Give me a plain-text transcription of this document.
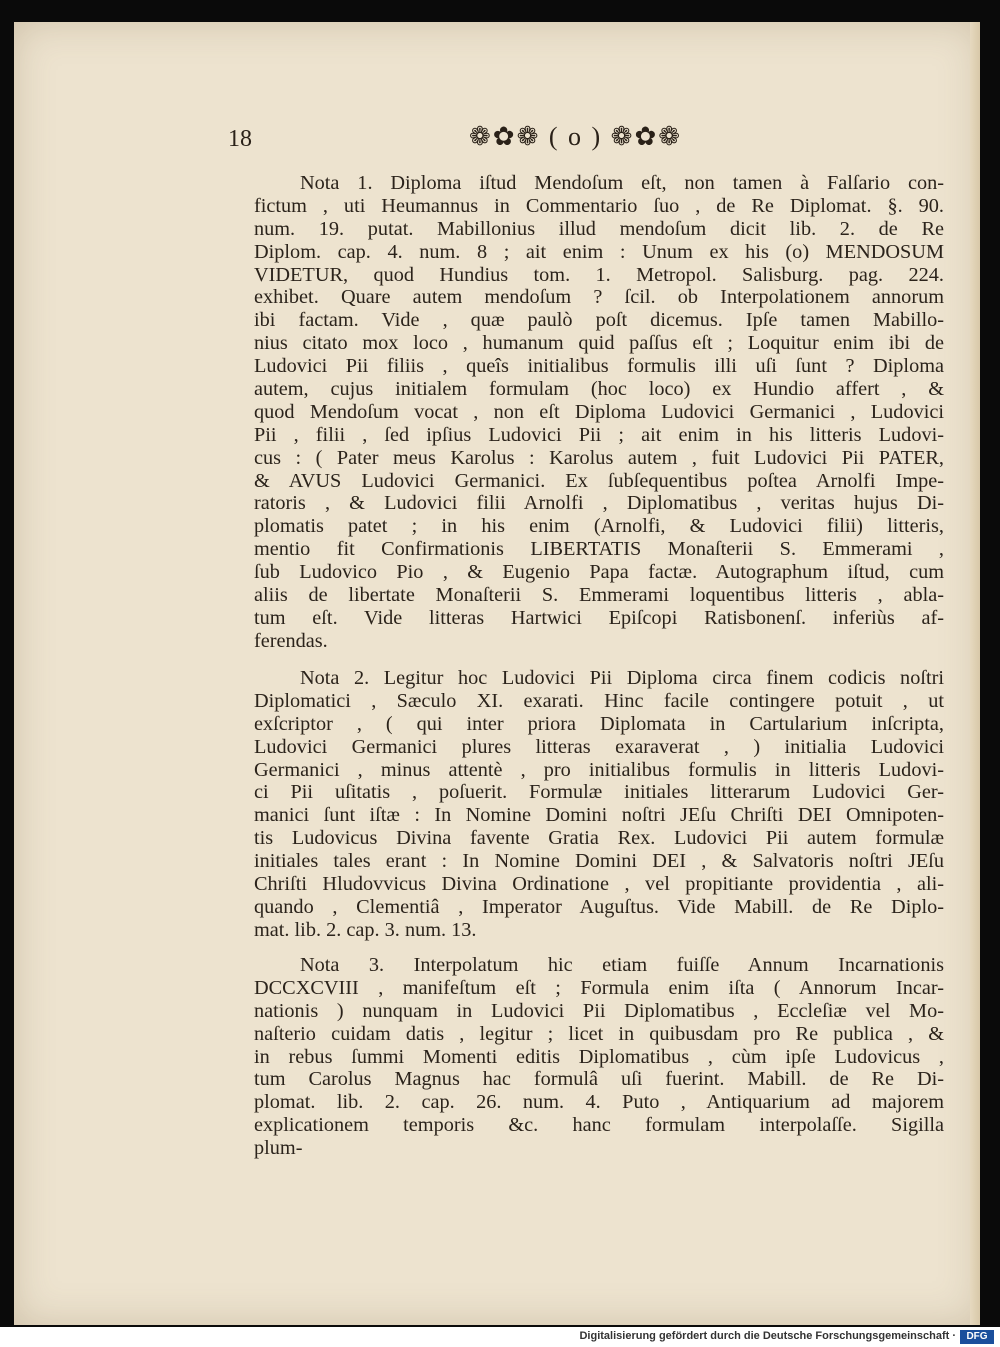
18	❁✿❁ ( o ) ❁✿❁
Nota 1. Diploma iſtud Mendoſum eſt, non tamen à Falſario con-
fictum , uti Heumannus in Commentario ſuo , de Re Diplomat. §. 90.
num. 19. putat. Mabillonius illud mendoſum dicit lib. 2. de Re
Diplom. cap. 4. num. 8 ; ait enim : Unum ex his (o) MENDOSUM
VIDETUR, quod Hundius tom. 1. Metropol. Salisburg. pag. 224.
exhibet. Quare autem mendoſum ? ſcil. ob Interpolationem annorum
ibi factam. Vide , quæ paulò poſt dicemus. Ipſe tamen Mabillo-
nius citato mox loco , humanum quid paſſus eſt ; Loquitur enim ibi de
Ludovici Pii filiis , queîs initialibus formulis illi uſi ſunt ? Diploma
autem, cujus initialem formulam (hoc loco) ex Hundio affert , &
quod Mendoſum vocat , non eſt Diploma Ludovici Germanici , Ludovici
Pii , filii , ſed ipſius Ludovici Pii ; ait enim in his litteris Ludovi-
cus : ( Pater meus Karolus : Karolus autem , fuit Ludovici Pii PATER,
& AVUS Ludovici Germanici. Ex ſubſequentibus poſtea Arnolfi Impe-
ratoris , & Ludovici filii Arnolfi , Diplomatibus , veritas hujus Di-
plomatis patet ; in his enim (Arnolfi, & Ludovici filii) litteris,
mentio fit Confirmationis LIBERTATIS Monaſterii S. Emmerami ,
ſub Ludovico Pio , & Eugenio Papa factæ. Autographum iſtud, cum
aliis de libertate Monaſterii S. Emmerami loquentibus litteris , abla-
tum eſt. Vide litteras Hartwici Epiſcopi Ratisbonenſ. inferiùs af-
ferendas.
Nota 2. Legitur hoc Ludovici Pii Diploma circa finem codicis noſtri
Diplomatici , Sæculo XI. exarati. Hinc facile contingere potuit , ut
exſcriptor , ( qui inter priora Diplomata in Cartularium inſcripta,
Ludovici Germanici plures litteras exaraverat , ) initialia Ludovici
Germanici , minus attentè , pro initialibus formulis in litteris Ludovi-
ci Pii uſitatis , poſuerit. Formulæ initiales litterarum Ludovici Ger-
manici ſunt iſtæ : In Nomine Domini noſtri JEſu Chriſti DEI Omnipoten-
tis Ludovicus Divina favente Gratia Rex. Ludovici Pii autem formulæ
initiales tales erant : In Nomine Domini DEI , & Salvatoris noſtri JEſu
Chriſti Hludovvicus Divina Ordinatione , vel propitiante providentia , ali-
quando , Clementiâ , Imperator Auguſtus. Vide Mabill. de Re Diplo-
mat. lib. 2. cap. 3. num. 13.
Nota 3. Interpolatum hic etiam fuiſſe Annum Incarnationis
DCCXCVIII , manifeſtum eſt ; Formula enim iſta ( Annorum Incar-
nationis ) nunquam in Ludovici Pii Diplomatibus , Eccleſiæ vel Mo-
naſterio cuidam datis , legitur ; licet in quibusdam pro Re publica , &
in rebus ſummi Momenti editis Diplomatibus , cùm ipſe Ludovicus ,
tum Carolus Magnus hac formulâ uſi fuerint. Mabill. de Re Di-
plomat. lib. 2. cap. 26. num. 4. Puto , Antiquarium ad majorem
explicationem temporis &c. hanc formulam interpolaſſe. Sigilla
plum-
Digitalisierung gefördert durch die Deutsche Forschungsgemeinschaft ·	DFG
